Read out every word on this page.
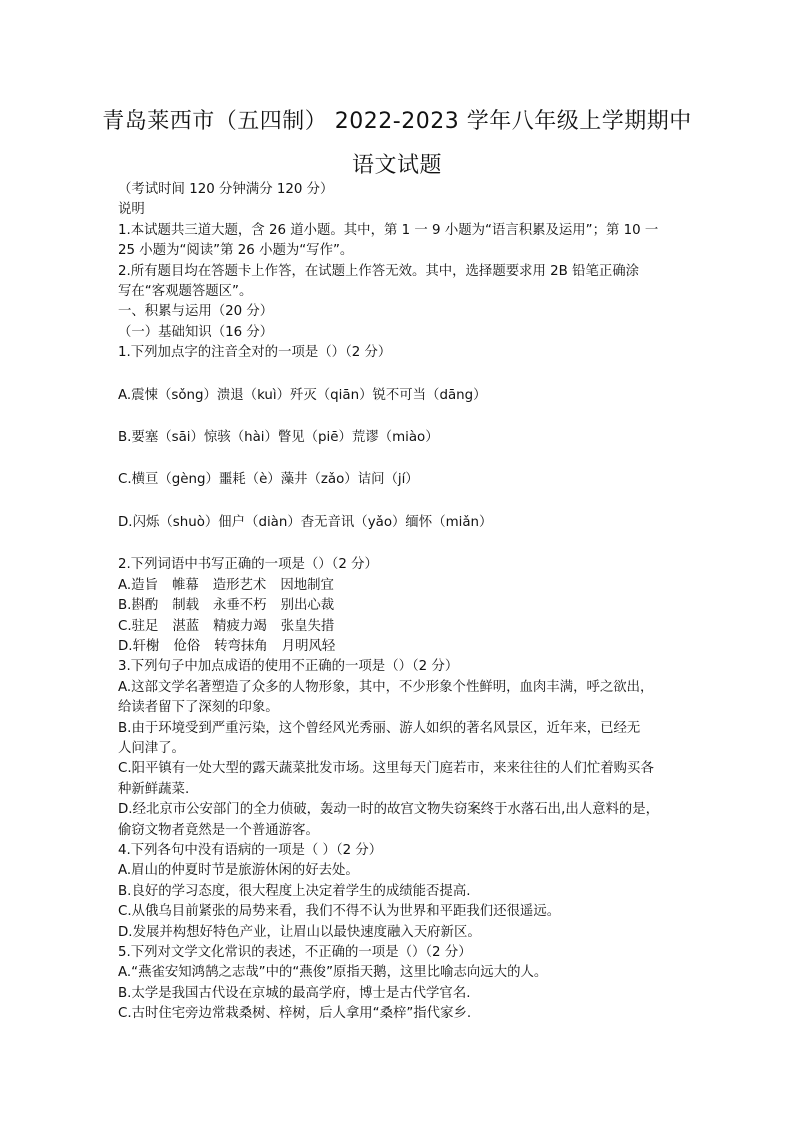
青岛莱西市（五四制） 2022-2023 学年八年级上学期期中
语文试题
（考试时间 120 分钟满分 120 分）
说明
1.本试题共三道大题，含 26 道小题。其中，第 1 一 9 小题为“语言积累及运用”；第 10 一
25 小题为“阅读”第 26 小题为“写作”。
2.所有题目均在答题卡上作答，在试题上作答无效。其中，选择题要求用 2B 铅笔正确涂
写在“客观题答题区”。
一、积累与运用（20 分）
（一）基础知识（16 分）
1.下列加点字的注音全对的一项是（）（2 分）
A.震悚（sǒng）溃退（kuì）歼灭（qiān）锐不可当（dāng）
B.要塞（sāi）惊骇（hài）瞥见（piē）荒谬（miào）
C.横亘（gèng）噩耗（è）藻井（zǎo）诘问（jí）
D.闪烁（shuò）佃户（diàn）杳无音讯（yǎo）缅怀（miǎn）
2.下列词语中书写正确的一项是（）（2 分）
A.造旨 帷幕 造形艺术 因地制宜
B.斟酌 制载 永垂不朽 别出心裁
C.驻足 湛蓝 精疲力竭 张皇失措
D.轩榭 伧俗 转弯抹角 月明风轻
3.下列句子中加点成语的使用不正确的一项是（）（2 分）
A.这部文学名著塑造了众多的人物形象，其中，不少形象个性鲜明，血肉丰满，呼之欲出，
给读者留下了深刻的印象。
B.由于环境受到严重污染，这个曾经风光秀丽、游人如织的著名风景区，近年来，已经无
人问津了。
C.阳平镇有一处大型的露天蔬菜批发市场。这里每天门庭若市，来来往往的人们忙着购买各
种新鲜蔬菜.
D.经北京市公安部门的全力侦破，轰动一时的故宫文物失窃案终于水落石出,出人意料的是，
偷窃文物者竟然是一个普通游客。
4.下列各句中没有语病的一项是（ ）（2 分）
A.眉山的仲夏时节是旅游休闲的好去处。
B.良好的学习态度，很大程度上决定着学生的成绩能否提高.
C.从俄乌目前紧张的局势来看，我们不得不认为世界和平距我们还很遥远。
D.发展并构想好特色产业，让眉山以最快速度融入天府新区。
5.下列对文学文化常识的表述，不正确的一项是（）（2 分）
A.“燕雀安知鸿鹄之志哉”中的“燕俊”原指天鹅，这里比喻志向远大的人。
B.太学是我国古代设在京城的最高学府，博士是古代学官名.
C.古时住宅旁边常栽桑树、梓树，后人拿用“桑梓”指代家乡.
